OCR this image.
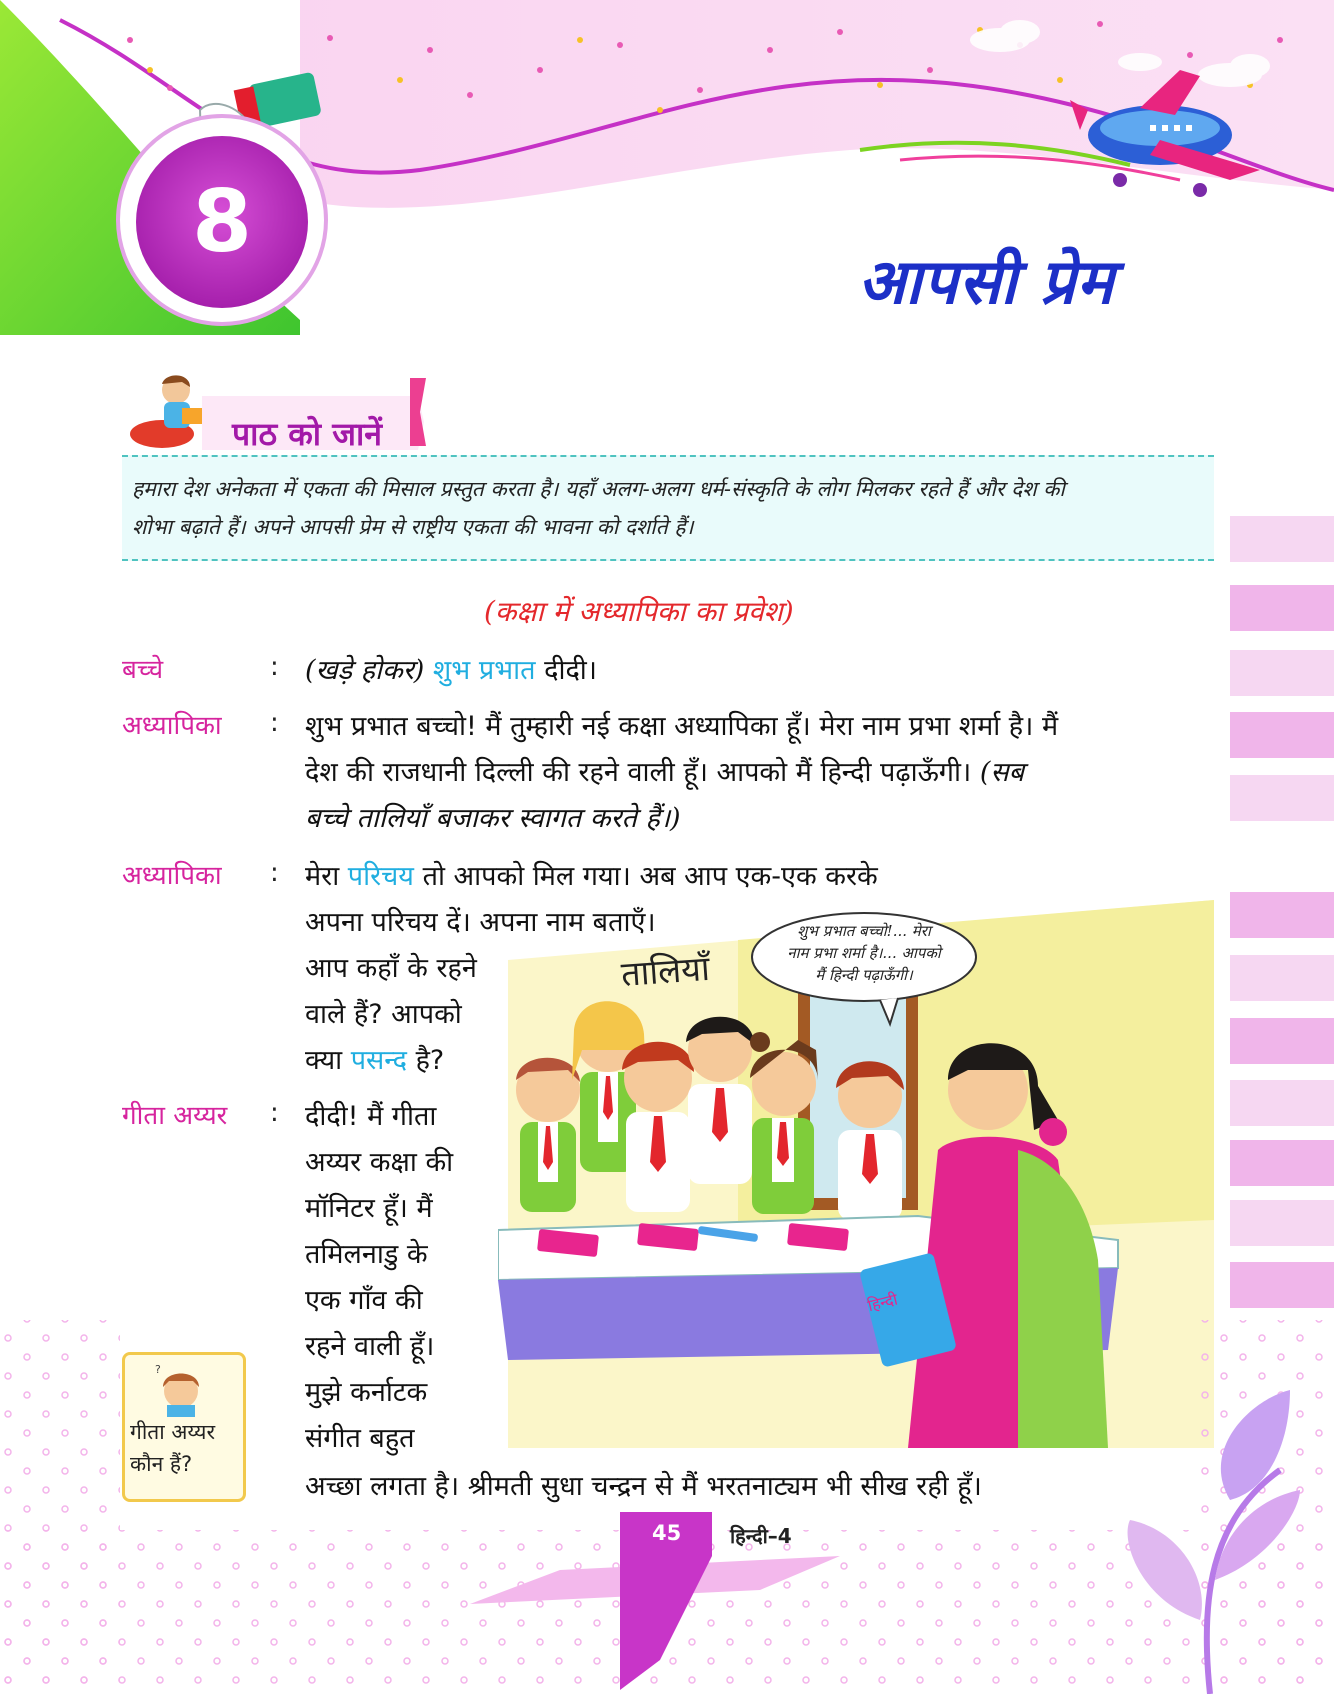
8
आपसी प्रेम
पाठ को जानें
हमारा देश अनेकता में एकता की मिसाल प्रस्तुत करता है। यहाँ अलग-अलग धर्म-संस्कृति के लोग मिलकर रहते हैं और देश की
शोभा बढ़ाते हैं। अपने आपसी प्रेम से राष्ट्रीय एकता की भावना को दर्शाते हैं।
(कक्षा में अध्यापिका का प्रवेश)
बच्चे	: (खड़े होकर) शुभ प्रभात दीदी।
अध्यापिका : शुभ प्रभात बच्चो! मैं तुम्हारी नई कक्षा अध्यापिका हूँ। मेरा नाम प्रभा शर्मा है। मैं
देश की राजधानी दिल्ली की रहने वाली हूँ। आपको मैं हिन्दी पढ़ाऊँगी। (सब
बच्चे तालियाँ बजाकर स्वागत करते हैं।)
अध्यापिका : मेरा परिचय तो आपको मिल गया। अब आप एक-एक करके
अपना परिचय दें। अपना नाम बताएँ।
आप कहाँ के रहने
वाले हैं? आपको
क्या पसन्द है?
गीता अय्यर : दीदी! मैं गीता
अय्यर कक्षा की
मॉनिटर हूँ। मैं
तमिलनाडु के
एक गाँव की
रहने वाली हूँ।
मुझे कर्नाटक
संगीत बहुत
अच्छा लगता है। श्रीमती सुधा चन्द्रन से मैं भरतनाट्यम भी सीख रही हूँ।
शुभ प्रभात बच्चो!... मेरा
नाम प्रभा शर्मा है।... आपको
मैं हिन्दी पढ़ाऊँगी।
तालियाँ
हिन्दी
45 हिन्दी–4
?
गीता अय्यर
कौन हैं?
